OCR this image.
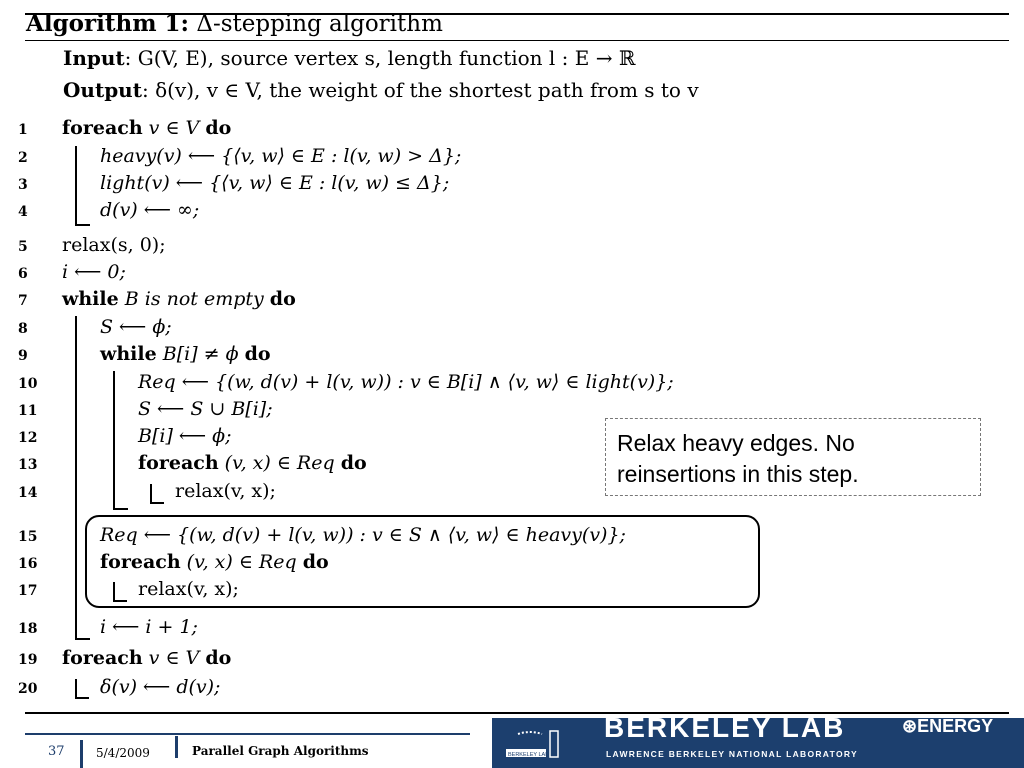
Algorithm 1: Δ-stepping algorithm
Input: G(V, E), source vertex s, length function l : E → ℝ
Output: δ(v), v ∈ V, the weight of the shortest path from s to v
1	foreach v ∈ V do
2	heavy(v) ⟵ {⟨v, w⟩ ∈ E : l(v, w) > Δ};
3	light(v) ⟵ {⟨v, w⟩ ∈ E : l(v, w) ≤ Δ};
4	d(v) ⟵ ∞;
5	relax(s, 0);
6	i ⟵ 0;
7	while B is not empty do
8	S ⟵ ϕ;
9	while B[i] ≠ ϕ do
10	Req ⟵ {(w, d(v) + l(v, w)) : v ∈ B[i] ∧ ⟨v, w⟩ ∈ light(v)};
11	S ⟵ S ∪ B[i];
12	B[i] ⟵ ϕ;
13	foreach (v, x) ∈ Req do
14	relax(v, x);
15	Req ⟵ {(w, d(v) + l(v, w)) : v ∈ S ∧ ⟨v, w⟩ ∈ heavy(v)};
16	foreach (v, x) ∈ Req do
17	relax(v, x);
18	i ⟵ i + 1;
19	foreach v ∈ V do
20	δ(v) ⟵ d(v);
Relax heavy edges. No reinsertions in this step.
37	5/4/2009	Parallel Graph Algorithms	BERKELEY LAB
BERKELEY LAB
LAWRENCE BERKELEY NATIONAL LABORATORY
⊛ENERGY
